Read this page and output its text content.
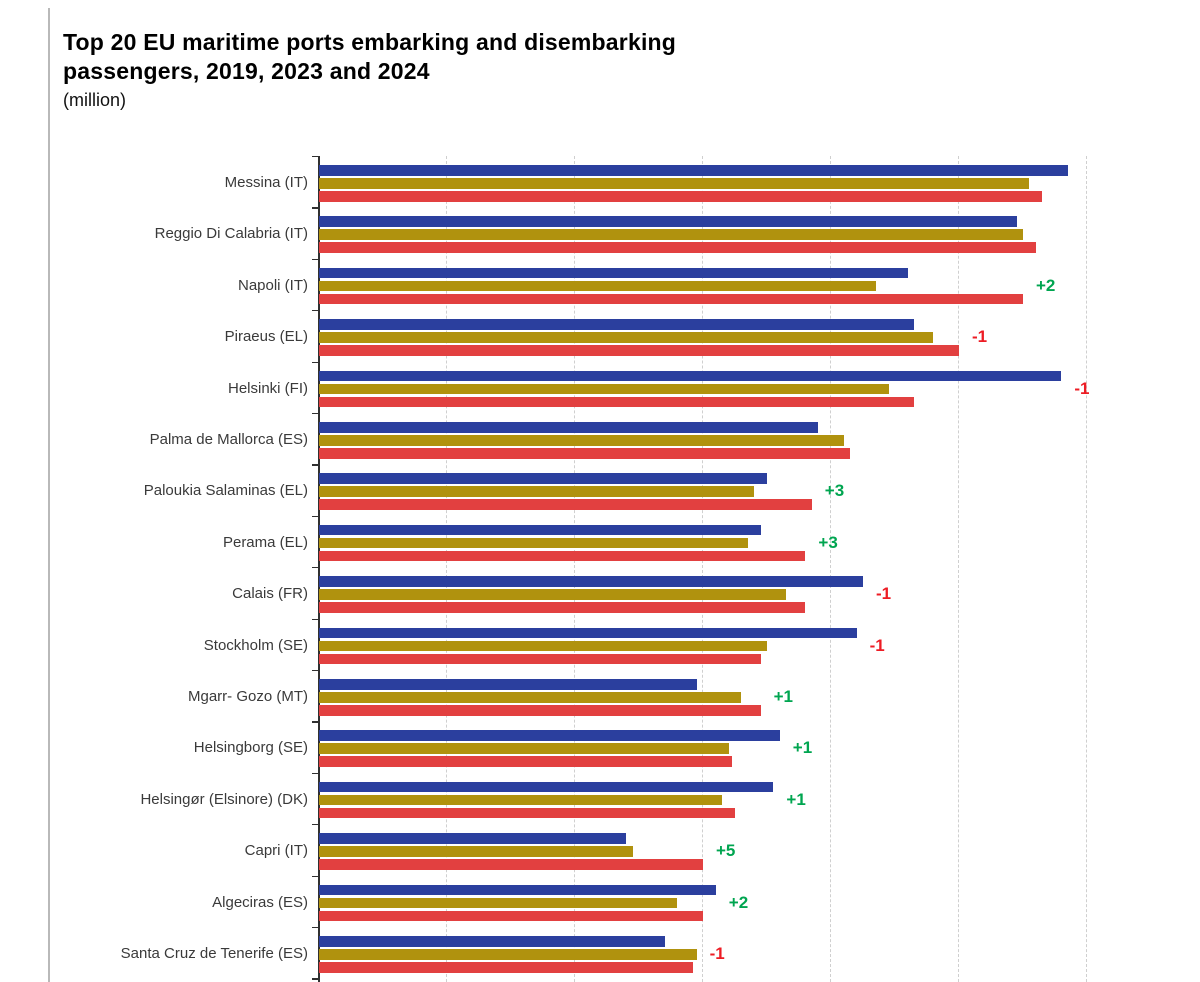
Top 20 EU maritime ports embarking and disembarking
passengers, 2019, 2023 and 2024
(million)
Messina (IT)
Reggio Di Calabria (IT)
Napoli (IT)	+2
Piraeus (EL)	-1
Helsinki (FI)	-1
Palma de Mallorca (ES)
Paloukia Salaminas (EL)	+3
Perama (EL)	+3
Calais (FR)	-1
Stockholm (SE)	-1
Mgarr- Gozo (MT)	+1
Helsingborg (SE)	+1
Helsingør (Elsinore) (DK)	+1
Capri (IT)	+5
Algeciras (ES)	+2
Santa Cruz de Tenerife (ES)	-1
